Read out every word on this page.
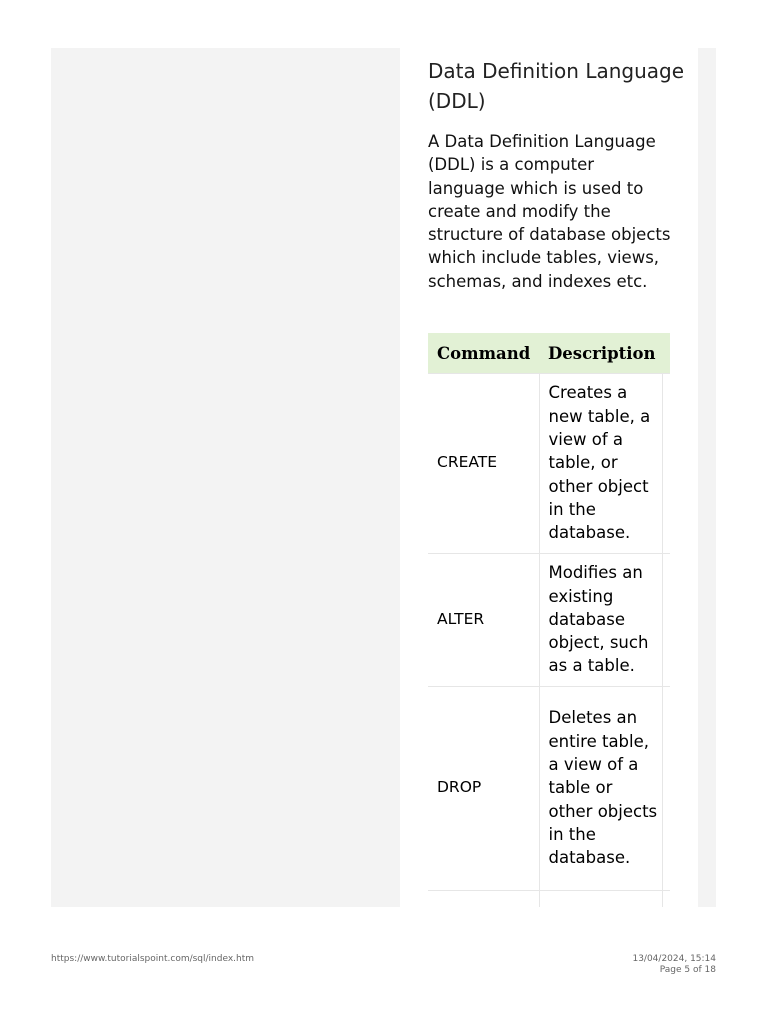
Data Definition Language (DDL)

A Data Definition Language (DDL) is a computer language which is used to create and modify the structure of database objects which include tables, views, schemas, and indexes etc.

Command	Description
CREATE	Creates a new table, a view of a table, or other object in the database.

ALTER	Modifies an existing database object, such as a table.

DROP	Deletes an entire table, a view of a table or other objects in the database.

https://www.tutorialspoint.com/sql/index.htm	13/04/2024, 15:14
Page 5 of 18
